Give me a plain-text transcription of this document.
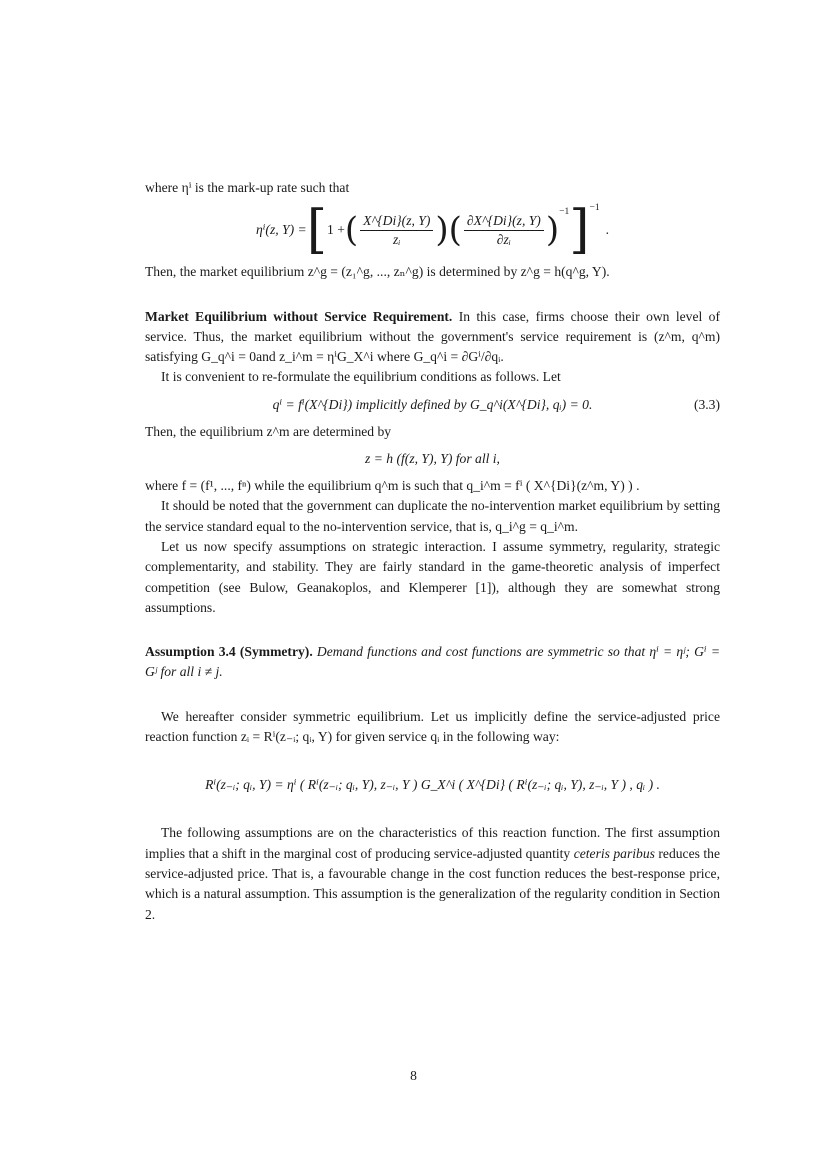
where ηⁱ is the mark-up rate such that

ηⁱ(z, Y) = [ 1 + ( $\frac{X\^{}\{Di\}(z, Y)}{\text{zᵢ}}$ ) ( $\frac{\partial X\^{}\{Di\}(z, Y)}{\text{∂zᵢ}} )^{-1}$ ]$^{-1}$
.

Then, the market equilibrium z^g = (z₁^g, ..., zₙ^g) is determined by z^g = h(q^g, Y).

Market Equilibrium without Service Requirement. In this case, firms choose their own level of service. Thus, the market equilibrium without the government's service requirement is (z^m, q^m) satisfying G_q^i = 0and z_i^m = ηⁱG_X^i where G_q^i = ∂Gⁱ/∂qᵢ.

It is convenient to re-formulate the equilibrium conditions as follows. Let

qⁱ = fⁱ(X^{Di}) implicitly defined by G_q^i(X^{Di}, qᵢ) = 0.	(3.3)

Then, the equilibrium z^m are determined by

z = h (f(z, Y), Y) for all i,

where f = (f¹, ..., fⁿ) while the equilibrium q^m is such that q_i^m = fⁱ ( X^{Di}(z^m, Y) ) .

It should be noted that the government can duplicate the no-intervention market equilibrium by setting the service standard equal to the no-intervention service, that is, q_i^g = q_i^m.

Let us now specify assumptions on strategic interaction. I assume symmetry, regularity, strategic complementarity, and stability. They are fairly standard in the game-theoretic analysis of imperfect competition (see Bulow, Geanakoplos, and Klemperer [1]), although they are somewhat strong assumptions.

Assumption 3.4 (Symmetry). Demand functions and cost functions are symmetric so that ηⁱ = ηʲ; Gⁱ = Gʲ for all i ≠ j.

We hereafter consider symmetric equilibrium. Let us implicitly define the service-adjusted price reaction function zᵢ = Rⁱ(z₋ᵢ; qᵢ, Y) for given service qᵢ in the following way:

Rⁱ(z₋ᵢ; qᵢ, Y) = ηⁱ ( Rⁱ(z₋ᵢ; qᵢ, Y), z₋ᵢ, Y ) G_X^i ( X^{Di} ( Rⁱ(z₋ᵢ; qᵢ, Y), z₋ᵢ, Y ) , qᵢ ) .

The following assumptions are on the characteristics of this reaction function. The first assumption implies that a shift in the marginal cost of producing service-adjusted quantity ceteris paribus reduces the service-adjusted price. That is, a favourable change in the cost function reduces the best-response price, which is a natural assumption. This assumption is the generalization of the regularity condition in Section 2.

8
